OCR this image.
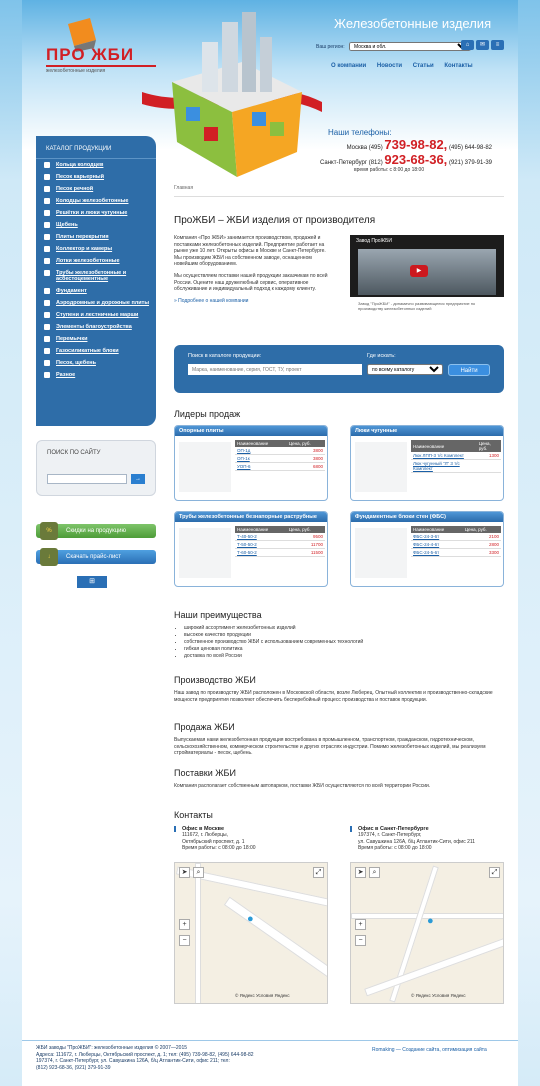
ПРО ЖБИ
железобетонные изделия
Железобетонные изделия
Ваш регион:
Москва и обл.	⌂ ✉ ≡
О компании Новости Статьи Контакты
Наши телефоны:
Москва (495) 739-98-82, (495) 644-98-82
Санкт-Петербург (812) 923-68-36, (921) 379-91-39
время работы: с 8:00 до 18:00
КАТАЛОГ ПРОДУКЦИИ
Кольца колодцев
Песок карьерный
Песок речной
Колодцы железобетонные
Решётки и люки чугунные
Щебень
Плиты перекрытия
Коллектор и камеры
Лотки железобетонные
Трубы железобетонные и асбестоцементные
Фундамент
Аэродромные и дорожные плиты
Ступени и лестничные марши
Элементы благоустройства
Перемычки
Газосиликатные блоки
Песок, щебень
Разное
ПОИСК ПО САЙТУ
→
%	Скидки на продукцию
↓	Скачать прайс-лист
⊞
Главная
ПроЖБИ – ЖБИ изделия от производителя

Компания «Про ЖБИ» занимается производством, продажей и поставками железобетонных изделий. Предприятие работает на рынке уже 10 лет. Открыты офисы в Москве и Санкт-Петербурге. Мы производим ЖБИ на собственном заводе, оснащенном новейшим оборудованием.

Мы осуществляем поставки нашей продукции заказчикам по всей России. Оцените наш дружелюбный сервис, оперативное обслуживание и индивидуальный подход к каждому клиенту.

» Подробнее о нашей компании
Завод ПроЖБИ
▶
Завод "ПроЖБИ" - динамично развивающееся предприятие по производству железобетонных изделий
Поиск в каталоге продукции:	Где искать:
Марка, наименование, серия, ГОСТ, ТУ, проект
по всему каталогу
Найти
Лидеры продаж
Опорные плиты
Наименование	Цена, руб.
ОП-1д	3800
ОП-1к	3800
УОП-6	6800
Люки чугунные
Наименование	Цена, руб.
Люк ЛПП-3 т/с Комплект	1300
Люк чугунный "Л" 3 т/с Комплект	
Трубы железобетонные безнапорные раструбные
Наименование	Цена, руб.
Т-40-50-2	9500
Т-50-50-2	11700
Т-60-50-2	11500
Фундаментные блоки стен (ФБС)
Наименование	Цена, руб.
ФБС-24-3-6т	2100
ФБС-24-4-6т	2800
ФБС-24-5-6т	3300
Наши преимущества
• широкий ассортимент железобетонных изделий
• высокое качество продукции
• собственное производство ЖБИ с использованием современных технологий
• гибкая ценовая политика
• доставка по всей России
Производство ЖБИ
Наш завод по производству ЖБИ расположен в Московской области, возле Люберец. Опытный коллектив и производственно-складские мощности предприятия позволяют обеспечить бесперебойный процесс производства и поставок продукции.
Продажа ЖБИ
Выпускаемая нами железобетонная продукция востребована в промышленном, транспортном, гражданском, гидротехническом, сельскохозяйственном, коммерческом строительстве и других отраслях индустрии. Помимо железобетонных изделий, мы реализуем стройматериалы - песок, щебень.
Поставки ЖБИ
Компания располагает собственным автопарком, поставки ЖБИ осуществляются по всей территории России.
Контакты
Офис в Москве
111672, г. Люберцы,
Октябрьский проспект, д. 1
Время работы: с 08:00 до 18:00
Офис в Санкт-Петербурге
197374, г. Санкт-Петербург,
ул. Савушкина 126А, б/ц Атлантик-Сити, офис 211
Время работы: с 08:00 до 18:00
➤	⌕
+
−
⤢
●
© Яндекс Условия Яндекс
➤	⌕
+
−
⤢
●
© Яндекс Условия Яндекс
ЖБИ заводы "ПроЖБИ": железобетонные изделия © 2007—2015
Адреса: 111672, г. Люберцы, Октябрьский проспект, д. 1; тел: (495) 739-98-82, (495) 644-98-82
197374, г. Санкт-Петербург, ул. Савушкина 126А, б/ц Атлантик-Сити, офис 211; тел:
(812) 923-68-36, (921) 379-91-39
Romaking — Создание сайта, оптимизация сайта
